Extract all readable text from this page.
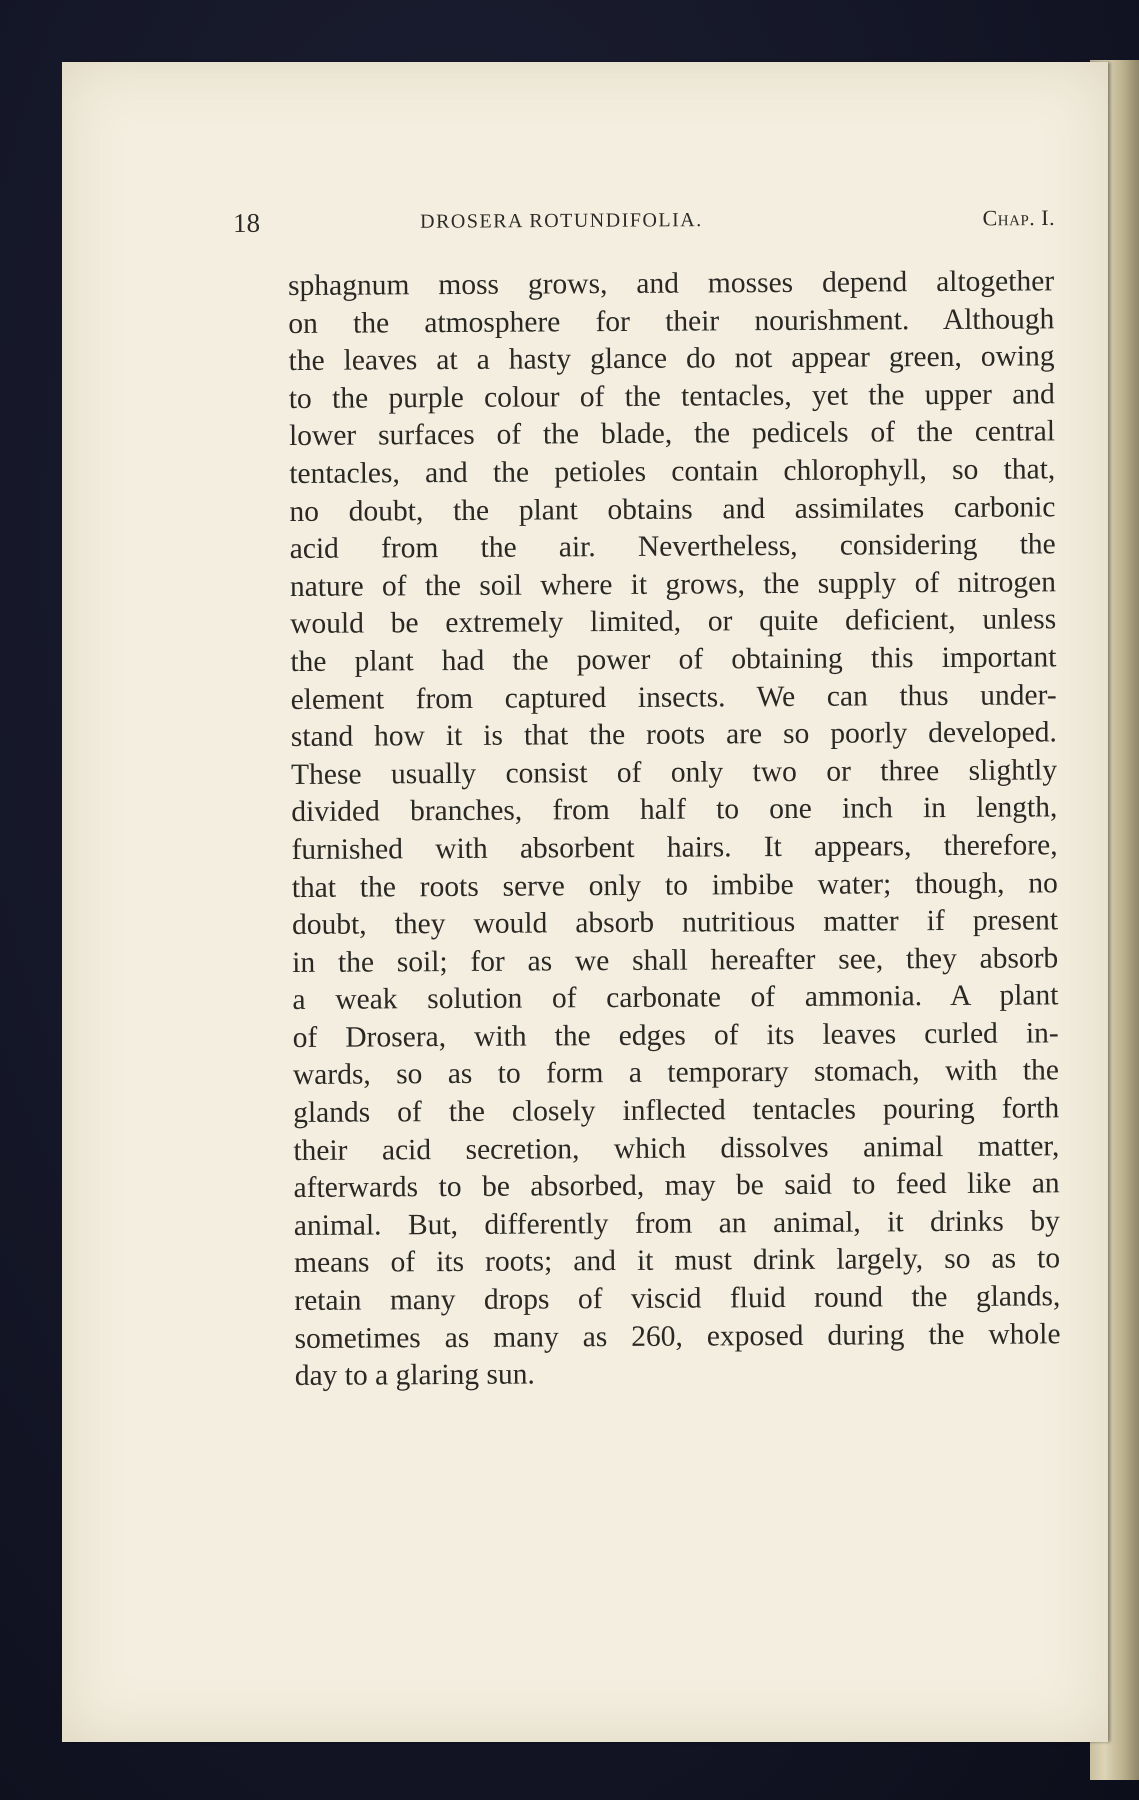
18	DROSERA ROTUNDIFOLIA.	Chap. I.
sphagnum moss grows, and mosses depend altogether
on the atmosphere for their nourishment. Although
the leaves at a hasty glance do not appear green, owing
to the purple colour of the tentacles, yet the upper and
lower surfaces of the blade, the pedicels of the central
tentacles, and the petioles contain chlorophyll, so that,
no doubt, the plant obtains and assimilates carbonic
acid from the air. Nevertheless, considering the
nature of the soil where it grows, the supply of nitrogen
would be extremely limited, or quite deficient, unless
the plant had the power of obtaining this important
element from captured insects. We can thus under-
stand how it is that the roots are so poorly developed.
These usually consist of only two or three slightly
divided branches, from half to one inch in length,
furnished with absorbent hairs. It appears, therefore,
that the roots serve only to imbibe water; though, no
doubt, they would absorb nutritious matter if present
in the soil; for as we shall hereafter see, they absorb
a weak solution of carbonate of ammonia. A plant
of Drosera, with the edges of its leaves curled in-
wards, so as to form a temporary stomach, with the
glands of the closely inflected tentacles pouring forth
their acid secretion, which dissolves animal matter,
afterwards to be absorbed, may be said to feed like an
animal. But, differently from an animal, it drinks by
means of its roots; and it must drink largely, so as to
retain many drops of viscid fluid round the glands,
sometimes as many as 260, exposed during the whole
day to a glaring sun.
